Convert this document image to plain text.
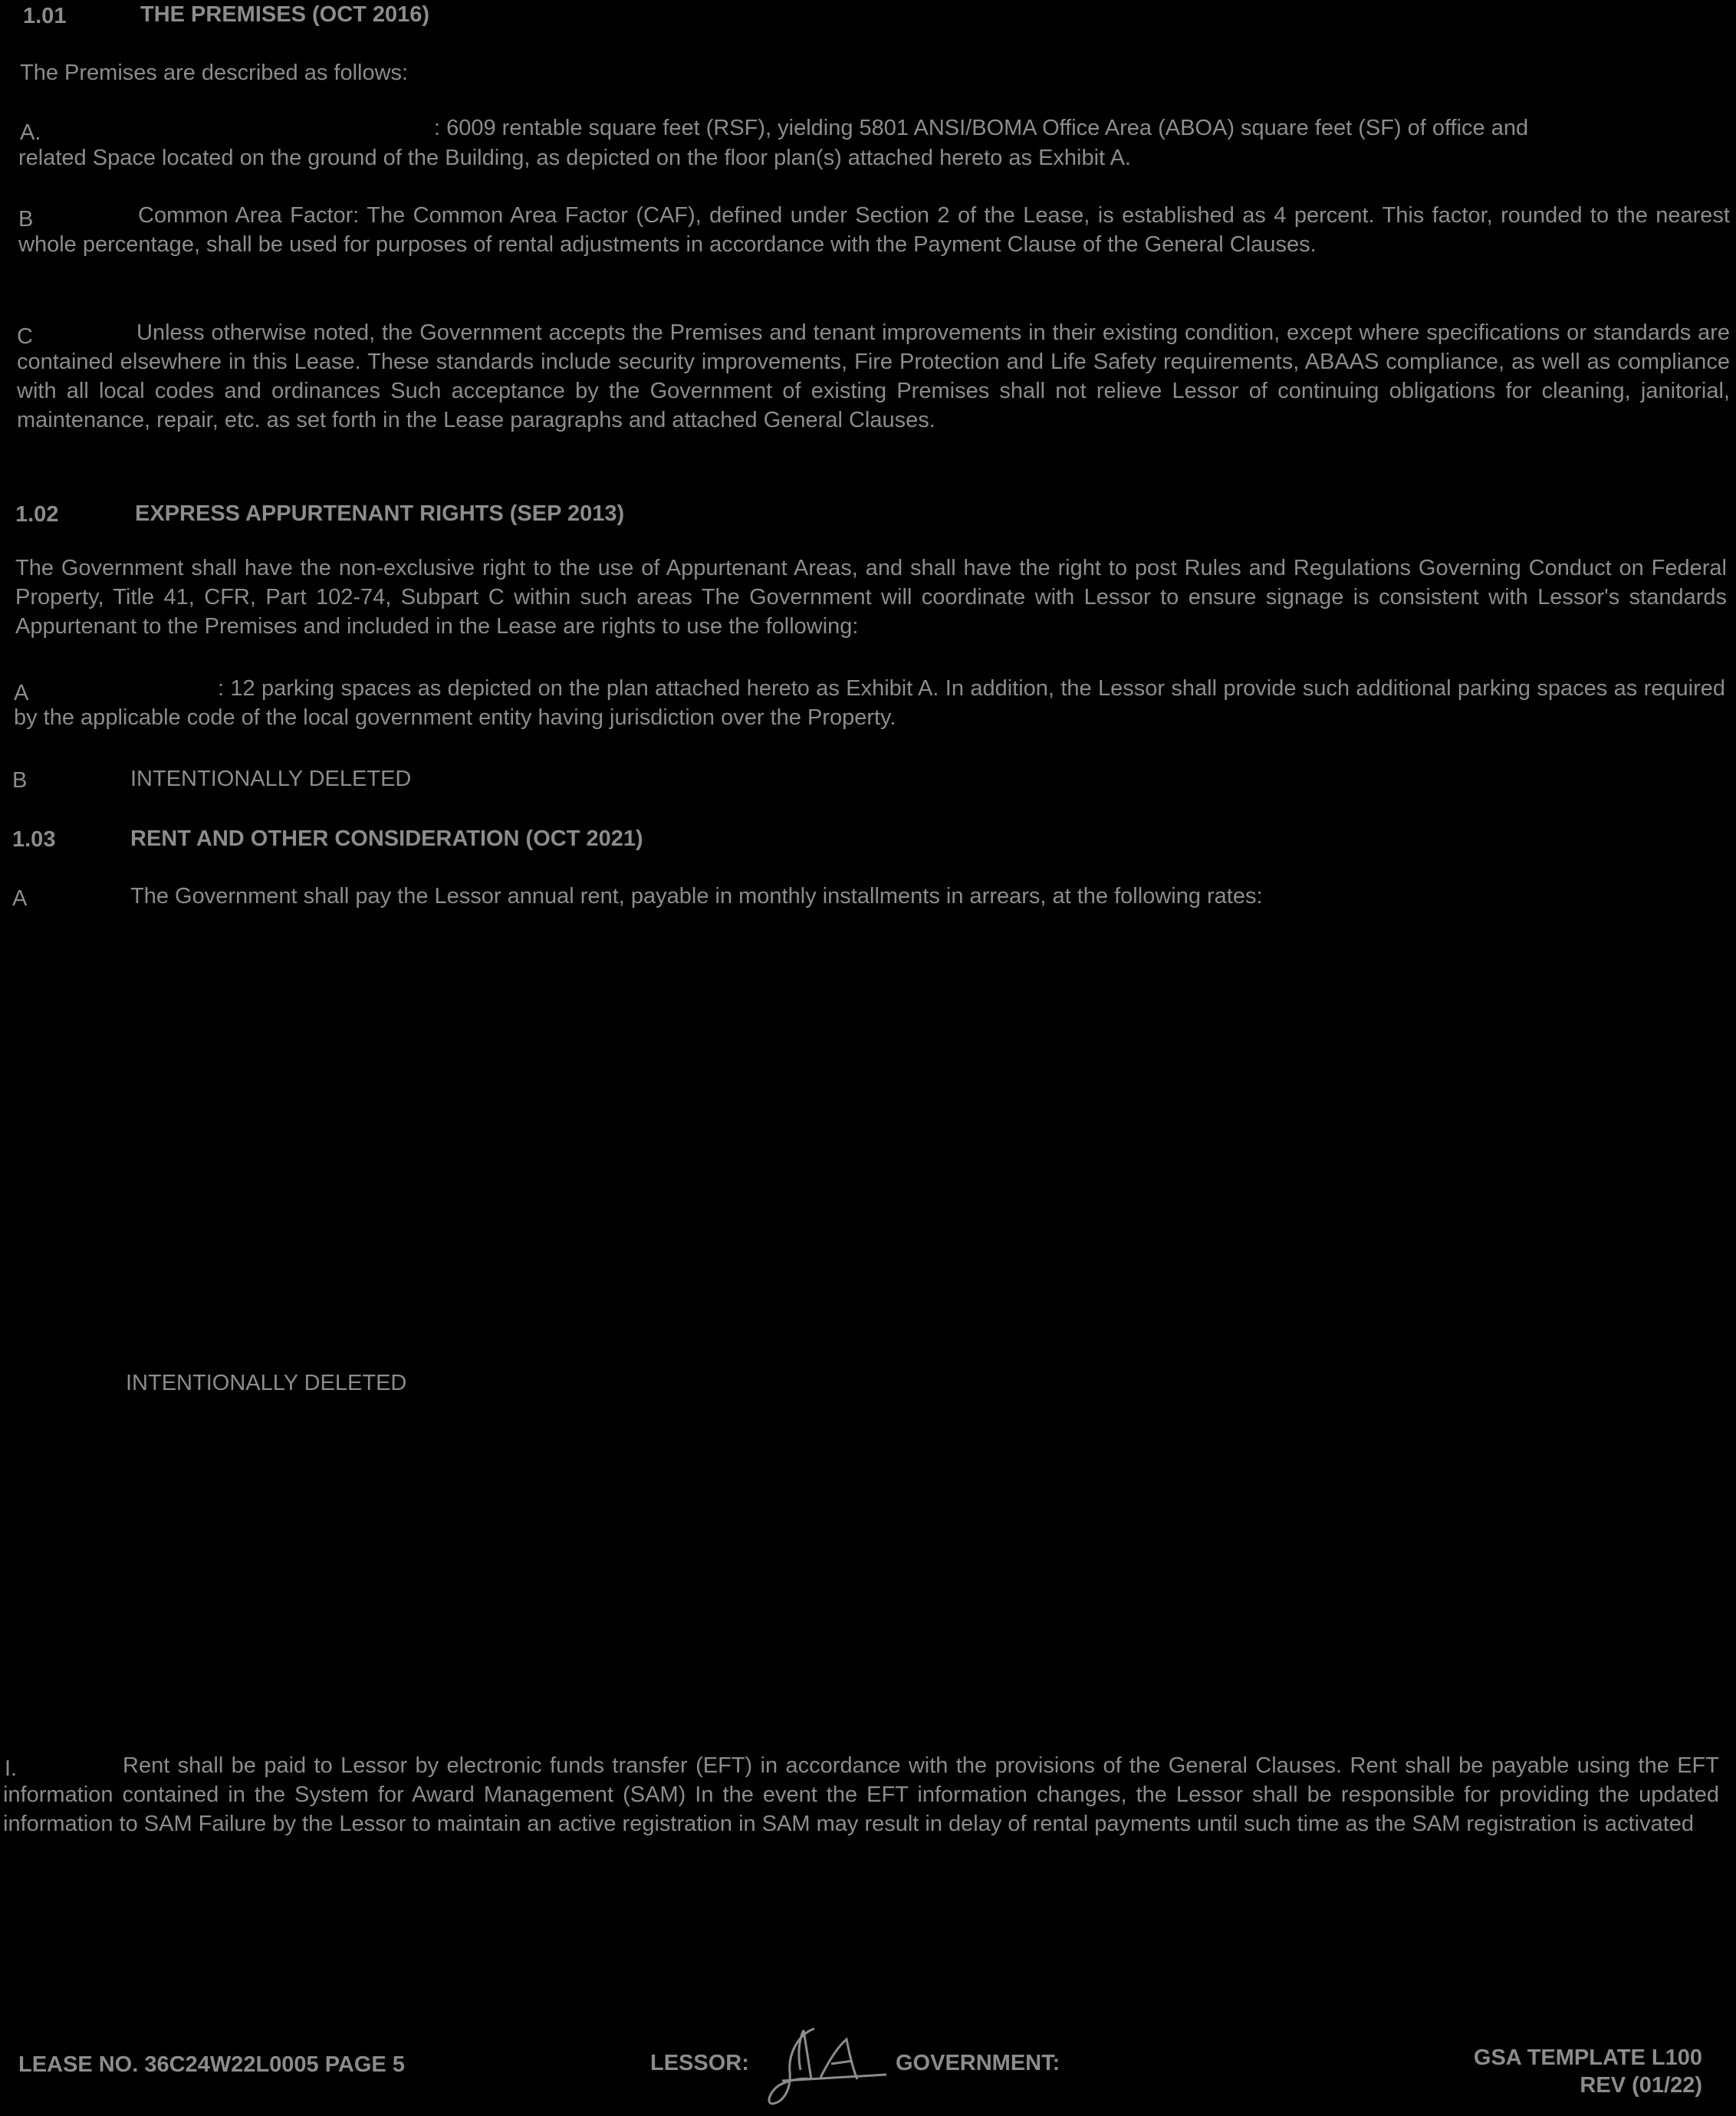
1.01	THE PREMISES (OCT 2016)
The Premises are described as follows:
A.	: 6009 rentable square feet (RSF), yielding 5801 ANSI/BOMA Office Area (ABOA) square feet (SF) of office and
related Space located on the ground of the Building, as depicted on the floor plan(s) attached hereto as Exhibit A.
B	Common Area Factor: The Common Area Factor (CAF), defined under Section 2 of the Lease, is established as 4 percent. This factor, rounded to the nearest whole percentage, shall be used for purposes of rental adjustments in accordance with the Payment Clause of the General Clauses.
C	Unless otherwise noted, the Government accepts the Premises and tenant improvements in their existing condition, except where specifications or standards are contained elsewhere in this Lease. These standards include security improvements, Fire Protection and Life Safety requirements, ABAAS compliance, as well as compliance with all local codes and ordinances Such acceptance by the Government of existing Premises shall not relieve Lessor of continuing obligations for cleaning, janitorial, maintenance, repair, etc. as set forth in the Lease paragraphs and attached General Clauses.
1.02	EXPRESS APPURTENANT RIGHTS (SEP 2013)
The Government shall have the non-exclusive right to the use of Appurtenant Areas, and shall have the right to post Rules and Regulations Governing Conduct on Federal Property, Title 41, CFR, Part 102-74, Subpart C within such areas The Government will coordinate with Lessor to ensure signage is consistent with Lessor's standards Appurtenant to the Premises and included in the Lease are rights to use the following:
A	: 12 parking spaces as depicted on the plan attached hereto as Exhibit A. In addition, the Lessor shall provide such additional parking spaces as required by the applicable code of the local government entity having jurisdiction over the Property.
B	INTENTIONALLY DELETED
1.03	RENT AND OTHER CONSIDERATION (OCT 2021)
A	The Government shall pay the Lessor annual rent, payable in monthly installments in arrears, at the following rates:
INTENTIONALLY DELETED
I.	Rent shall be paid to Lessor by electronic funds transfer (EFT) in accordance with the provisions of the General Clauses. Rent shall be payable using the EFT information contained in the System for Award Management (SAM) In the event the EFT information changes, the Lessor shall be responsible for providing the updated information to SAM Failure by the Lessor to maintain an active registration in SAM may result in delay of rental payments until such time as the SAM registration is activated
LEASE NO. 36C24W22L0005 PAGE 5	LESSOR:	GOVERNMENT:	GSA TEMPLATE L100
REV (01/22)
